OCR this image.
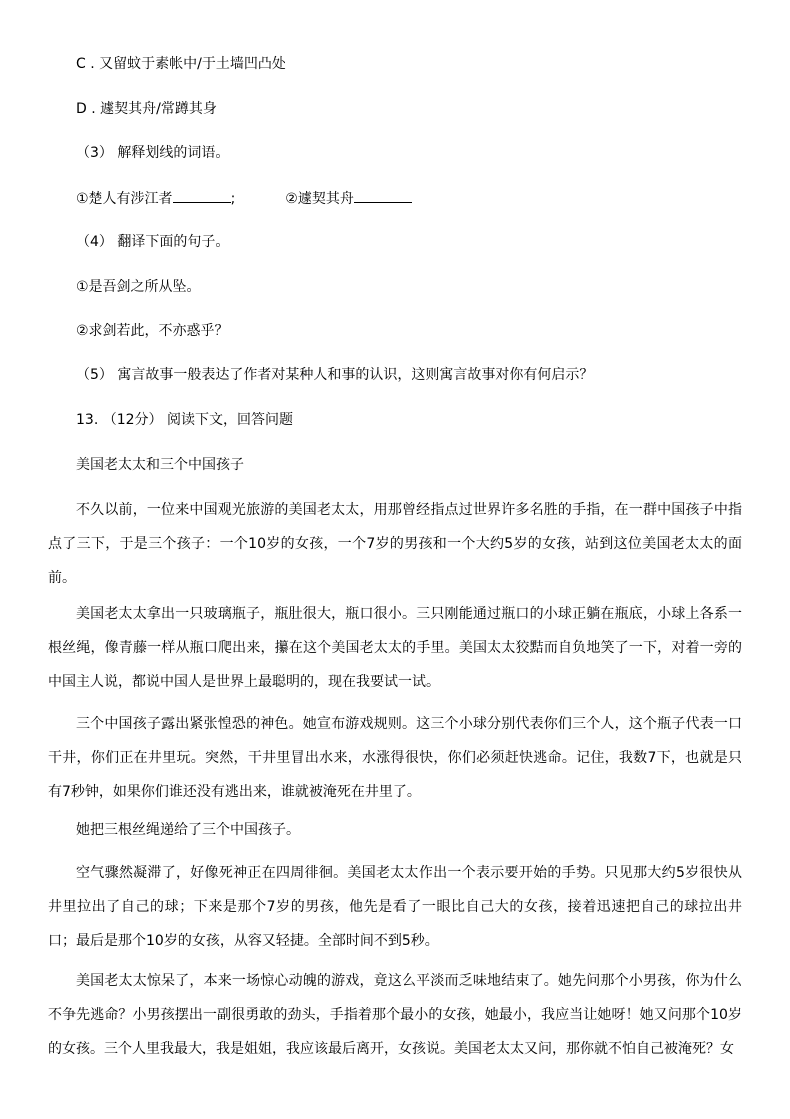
C . 又留蚊于素帐中/于土墙凹凸处
D . 遽契其舟/常蹲其身
（3） 解释划线的词语。
①楚人有涉江者	;	②遽契其舟
（4） 翻译下面的句子。
①是吾剑之所从坠。
②求剑若此，不亦惑乎？
（5） 寓言故事一般表达了作者对某种人和事的认识，这则寓言故事对你有何启示？
13. （12分） 阅读下文，回答问题
美国老太太和三个中国孩子
不久以前，一位来中国观光旅游的美国老太太，用那曾经指点过世界许多名胜的手指，在一群中国孩子中指点了三下，于是三个孩子：一个10岁的女孩，一个7岁的男孩和一个大约5岁的女孩，站到这位美国老太太的面前。
美国老太太拿出一只玻璃瓶子，瓶肚很大，瓶口很小。三只刚能通过瓶口的小球正躺在瓶底，小球上各系一根丝绳，像青藤一样从瓶口爬出来，攥在这个美国老太太的手里。美国太太狡黠而自负地笑了一下，对着一旁的中国主人说，都说中国人是世界上最聪明的，现在我要试一试。
三个中国孩子露出紧张惶恐的神色。她宣布游戏规则。这三个小球分别代表你们三个人，这个瓶子代表一口干井，你们正在井里玩。突然，干井里冒出水来，水涨得很快，你们必须赶快逃命。记住，我数7下，也就是只有7秒钟，如果你们谁还没有逃出来，谁就被淹死在井里了。
她把三根丝绳递给了三个中国孩子。
空气骤然凝滞了，好像死神正在四周徘徊。美国老太太作出一个表示要开始的手势。只见那大约5岁很快从井里拉出了自己的球；下来是那个7岁的男孩，他先是看了一眼比自己大的女孩，接着迅速把自己的球拉出井口；最后是那个10岁的女孩，从容又轻捷。全部时间不到5秒。
美国老太太惊呆了，本来一场惊心动魄的游戏，竟这么平淡而乏味地结束了。她先问那个小男孩，你为什么不争先逃命？小男孩摆出一副很勇敢的劲头，手指着那个最小的女孩，她最小，我应当让她呀！她又问那个10岁的女孩。三个人里我最大，我是姐姐，我应该最后离开，女孩说。美国老太太又问，那你就不怕自己被淹死？女
